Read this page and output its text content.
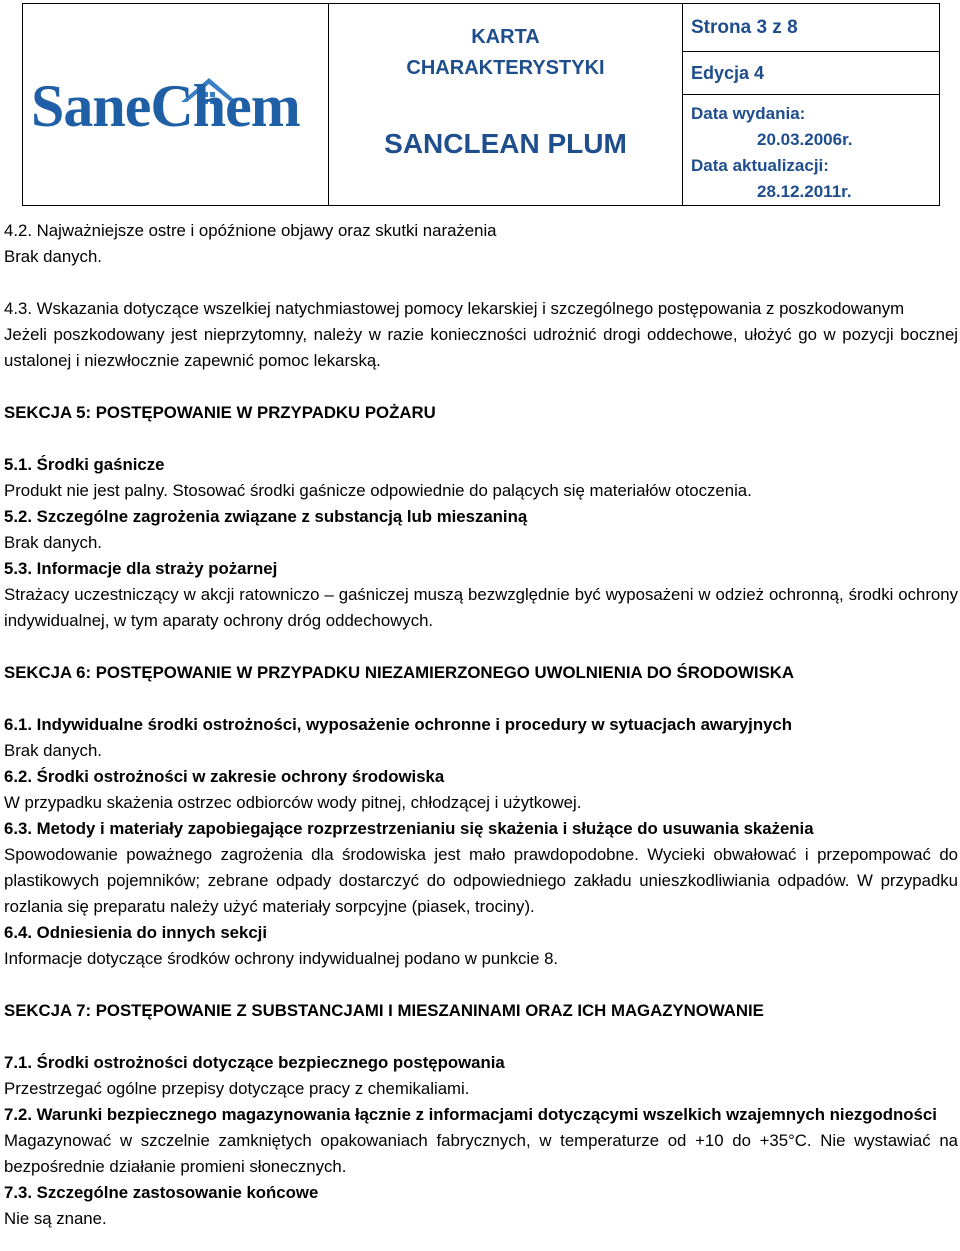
SaneChem

KARTA
CHARAKTERYSTYKI
SANCLEAN PLUM

Strona 3 z 8
Edycja 4
Data wydania:
20.03.2006r.
Data aktualizacji:
28.12.2011r.

4.2. Najważniejsze ostre i opóźnione objawy oraz skutki narażenia

Brak danych.

4.3. Wskazania dotyczące wszelkiej natychmiastowej pomocy lekarskiej i szczególnego postępowania z poszkodowanym

Jeżeli poszkodowany jest nieprzytomny, należy w razie konieczności udrożnić drogi oddechowe, ułożyć go w pozycji bocznej ustalonej i niezwłocznie zapewnić pomoc lekarską.

SEKCJA 5: POSTĘPOWANIE W PRZYPADKU POŻARU

5.1. Środki gaśnicze

Produkt nie jest palny. Stosować środki gaśnicze odpowiednie do palących się materiałów otoczenia.

5.2. Szczególne zagrożenia związane z substancją lub mieszaniną

Brak danych.

5.3. Informacje dla straży pożarnej

Strażacy uczestniczący w akcji ratowniczo – gaśniczej muszą bezwzględnie być wyposażeni w odzież ochronną, środki ochrony indywidualnej, w tym aparaty ochrony dróg oddechowych.

SEKCJA 6: POSTĘPOWANIE W PRZYPADKU NIEZAMIERZONEGO UWOLNIENIA DO ŚRODOWISKA

6.1. Indywidualne środki ostrożności, wyposażenie ochronne i procedury w sytuacjach awaryjnych

Brak danych.

6.2. Środki ostrożności w zakresie ochrony środowiska

W przypadku skażenia ostrzec odbiorców wody pitnej, chłodzącej i użytkowej.

6.3. Metody i materiały zapobiegające rozprzestrzenianiu się skażenia i służące do usuwania skażenia

Spowodowanie poważnego zagrożenia dla środowiska jest mało prawdopodobne. Wycieki obwałować i przepompować do plastikowych pojemników; zebrane odpady dostarczyć do odpowiedniego zakładu unieszkodliwiania odpadów. W przypadku rozlania się preparatu należy użyć materiały sorpcyjne (piasek, trociny).

6.4. Odniesienia do innych sekcji

Informacje dotyczące środków ochrony indywidualnej podano w punkcie 8.

SEKCJA 7: POSTĘPOWANIE Z SUBSTANCJAMI I MIESZANINAMI ORAZ ICH MAGAZYNOWANIE

7.1. Środki ostrożności dotyczące bezpiecznego postępowania

Przestrzegać ogólne przepisy dotyczące pracy z chemikaliami.

7.2. Warunki bezpiecznego magazynowania łącznie z informacjami dotyczącymi wszelkich wzajemnych niezgodności

Magazynować w szczelnie zamkniętych opakowaniach fabrycznych, w temperaturze od +10 do +35°C. Nie wystawiać na bezpośrednie działanie promieni słonecznych.

7.3. Szczególne zastosowanie końcowe

Nie są znane.
